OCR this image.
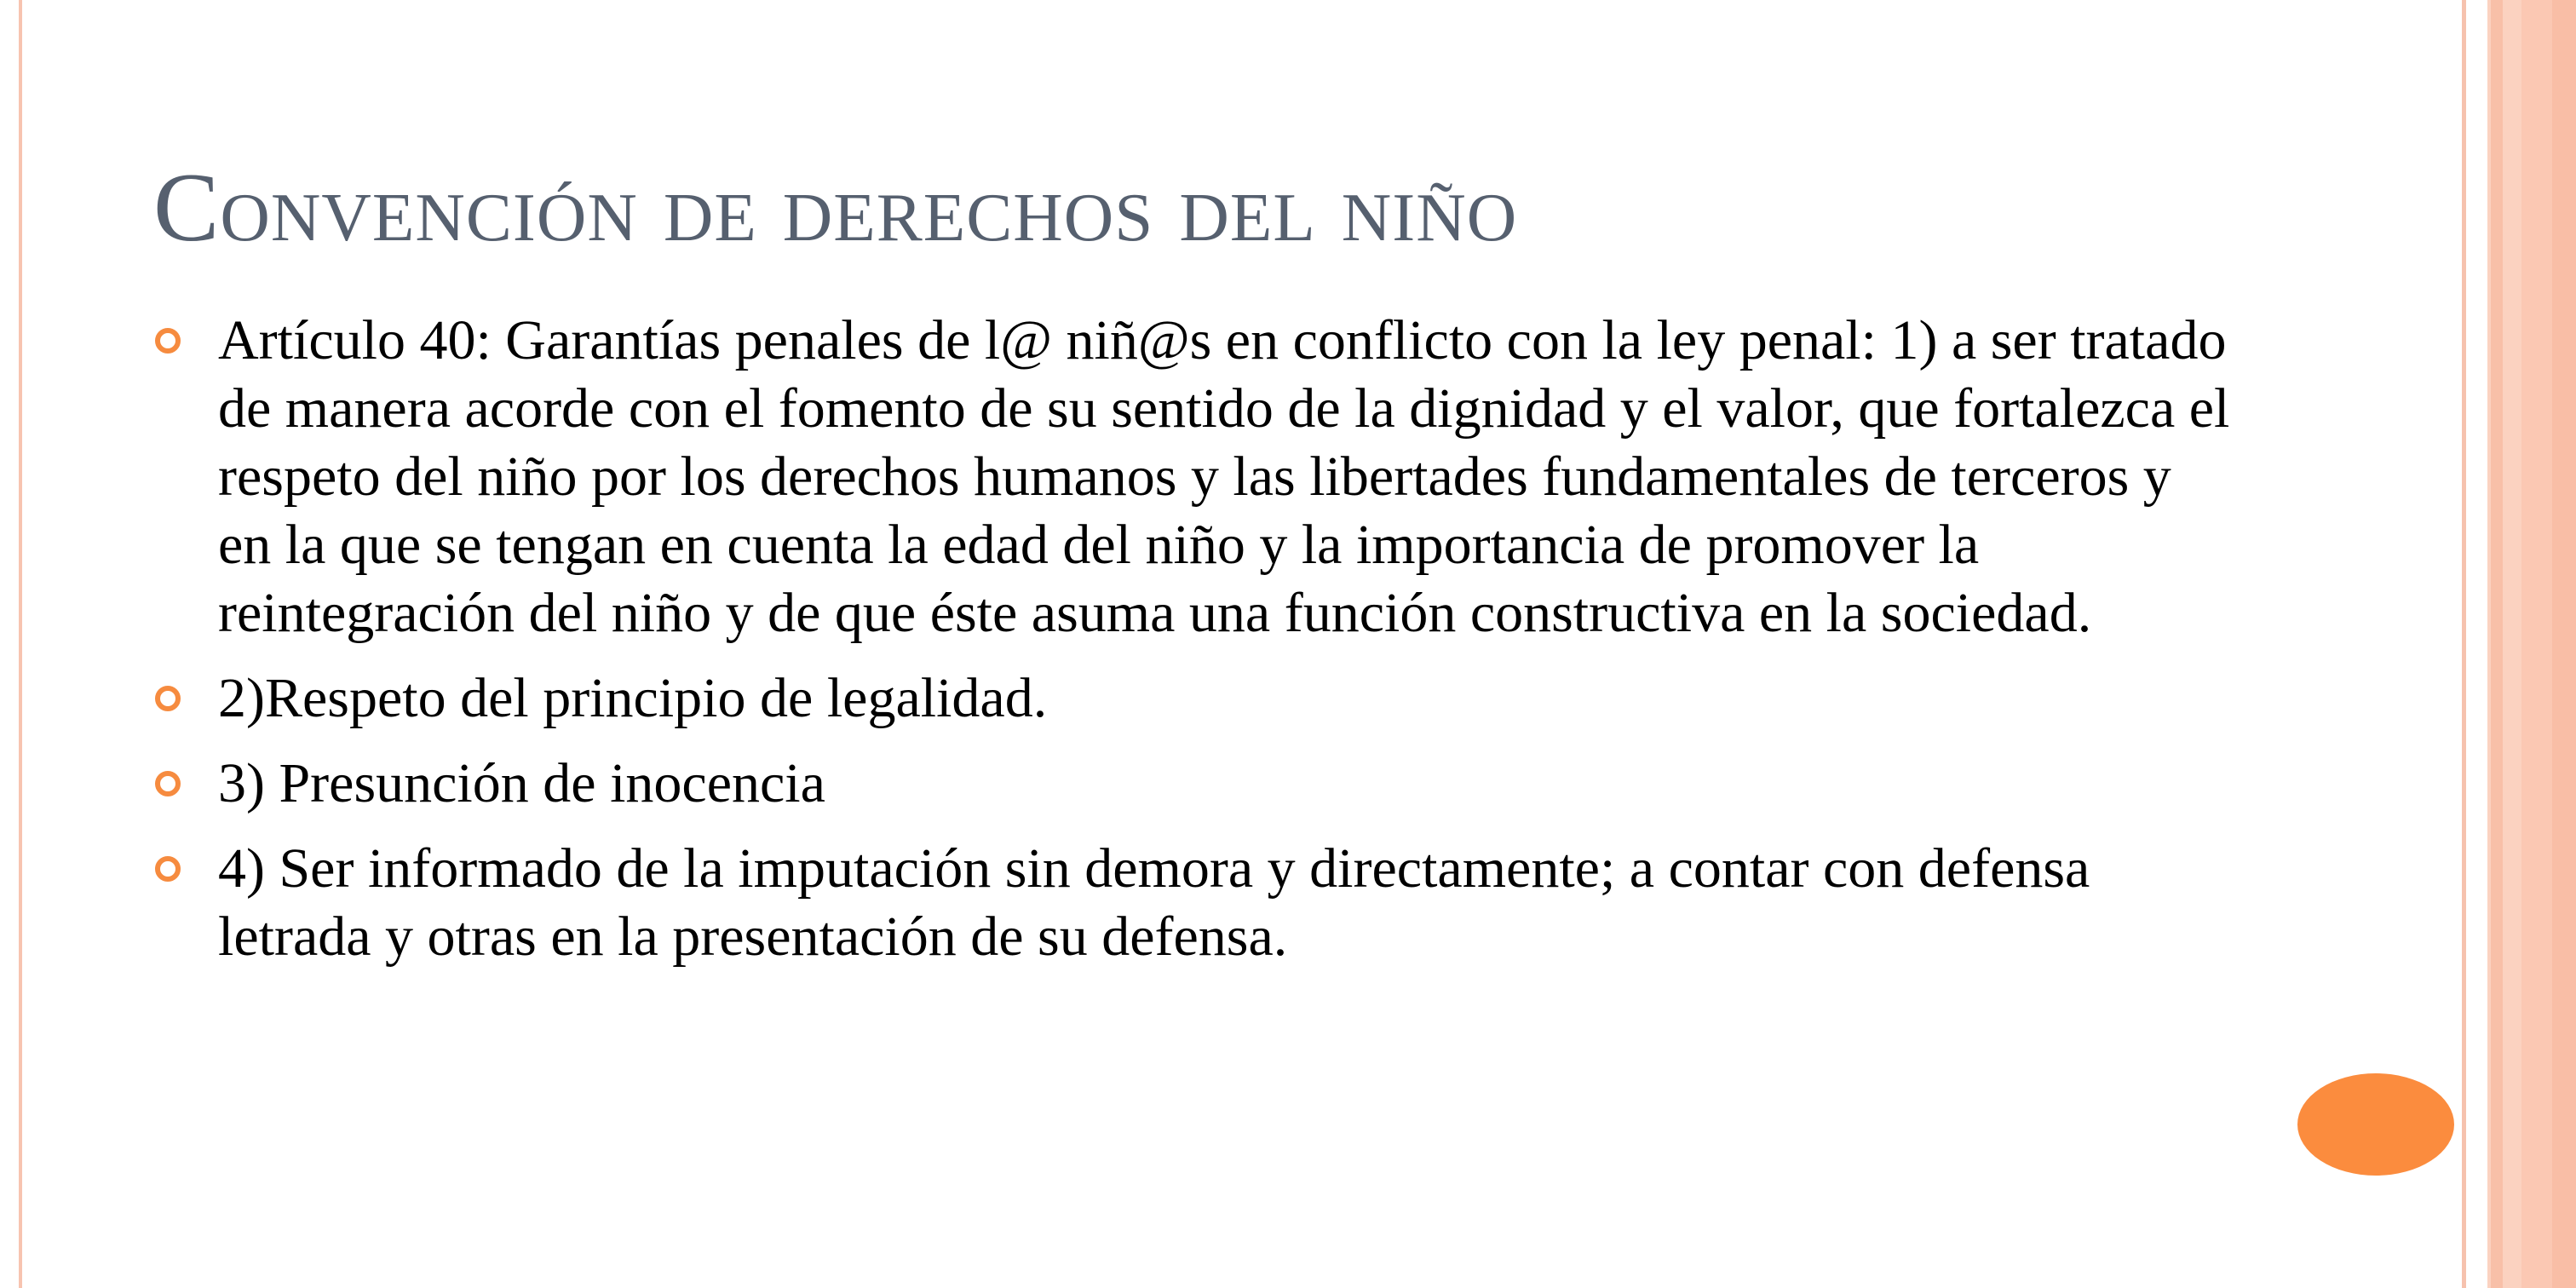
Convención de derechos del niño
Artículo 40: Garantías penales de l@ niñ@s en conflicto con la ley penal: 1) a ser tratado de manera acorde con el fomento de su sentido de la dignidad y el valor, que fortalezca el respeto del niño por los derechos humanos y las libertades fundamentales de terceros y en la que se tengan en cuenta la edad del niño y la importancia de promover la reintegración del niño y de que éste asuma una función constructiva en la sociedad.
2)Respeto del principio de legalidad.
3) Presunción de inocencia
4) Ser informado de la imputación sin demora y directamente; a contar con defensa letrada y otras en la presentación de su defensa.
